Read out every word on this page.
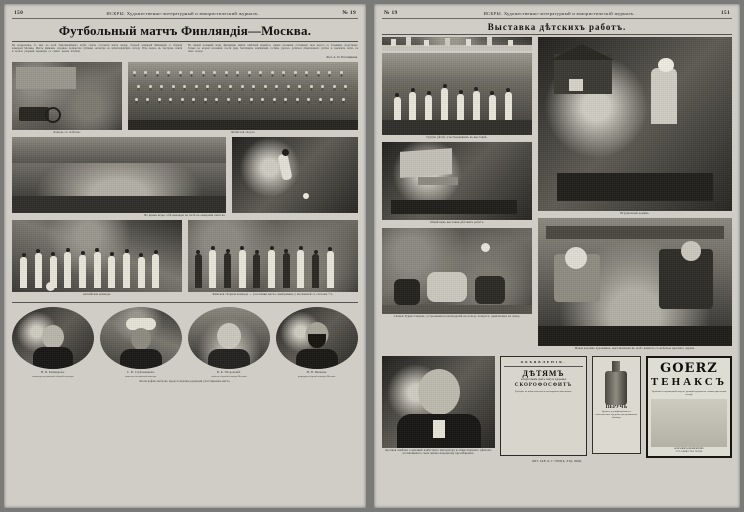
150	ИСКРЫ. Художественно-литературный и юмористический журналъ.	№ 19
Футбольный матчъ Финляндiя—Москва.
Въ воскресенье, 11 мая, на полѣ Замоскворѣцкаго клуба спорта состоялся матчъ между сборной командой Финляндiи и сборной командой Москвы. Матчъ привлекъ огромное количество публики, несмотря на неблагопрiятную погоду. Игра велась въ быстромъ темпѣ и носила упорный характеръ съ самаго начала встрѣчи.
Въ первой половинѣ игры финляндцы имѣли замѣтный перевѣсъ, однако москвичи отстаивали свои ворота съ большимъ упорствомъ. Только во второй половинѣ, послѣ ряда блестящихъ комбинацiй, гостямъ удалось добиться рѣшительнаго успѣха и закончить матчъ въ свою пользу.
Фот. А. П. Плотникова.
Лошадь съ телѣгою.	Любители спорта.
Во время игры: обѣ команды на полѣ въ ожиданiи свистка.
Англiйская команда.	Финская сборная команда — участники матча, выигравшiе у москвичей со счетомъ 7:1.
Н. П. Башкировъ.
голкиперъ московской сборной команды.
С. В. Стрѣльниковъ.
капитанъ московской команды.
В. К. Петровскiй.
хавбекъ сборной команды Москвы.
Н. Н. Ивановъ.
форвардъ сборной команды Москвы.
Фотографiи любезно предоставлены редакцiи участниками матча.
№ 19	ИСКРЫ. Художественно-литературный и юмористическiй журналъ.	151
Выставка дѣтскихъ работъ.
Группа дѣтей, участвовавшихъ въ выставкѣ.
Общiй видъ выставки дѣтскихъ работъ.
Скачки Туркестанцевъ, устроенныя на ипподромѣ въ пользу лазарета: джигитовка на скаку.
Игрушечный домикъ.
Новая картина художника, выставленная въ залѣ: комната съ мебелью краснаго дерева.
Краткая замѣтка о кончинѣ извѣстнаго литератора и общественнаго дѣятеля, посвятившаго свою жизнь народному просвѣщенiю.
ОБЪЯВЛЕНIЯ.
ДѢТЯМЪ
и взрослымъ даетъ силу и здоровье
СКОРОФОСФИТЪ
Требуйте во всѣхъ аптекахъ и аптекарскихъ магазинахъ.
ПЕРУЧЪ
Лучшее дезинфекцiонное и гигiеническое средство для домашняго обихода.
GOERZ
ТЕНАКСЪ
Удобный и сохраняющiй моделъ, дающiй прекрасные снимки при всякой погодѣ
КАТАЛОГЪ БЕЗПЛАТНО
ОТЪ ОБЩЕСТВА ГЕРЦЪ
ОПТ. ЗАВ. К. Г. ГЕРЦЪ, ЛТД. ОБЩ.
